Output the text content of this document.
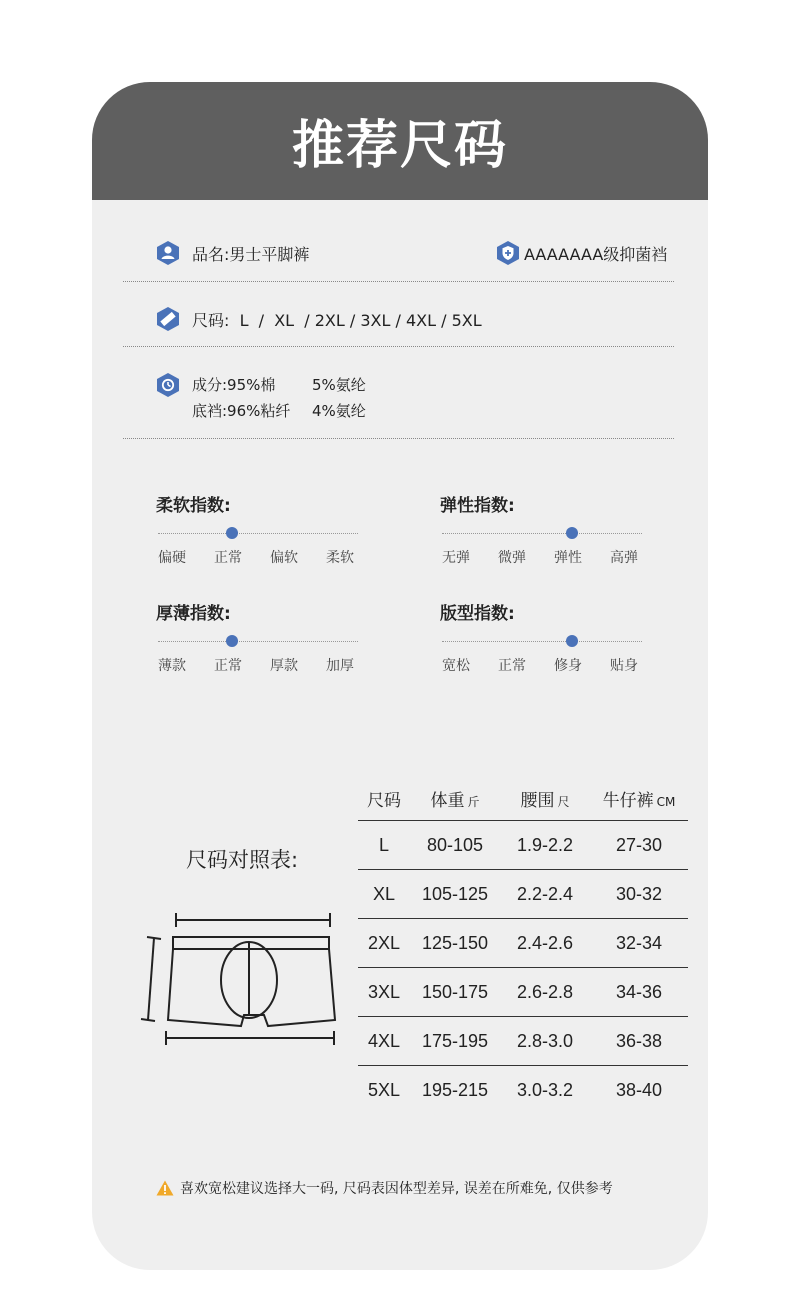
推荐尺码
品名:男士平脚裤	AAAAAAA级抑菌裆
尺码:  L  /  XL  / 2XL / 3XL / 4XL / 5XL
成分:95%棉 5%氨纶
底裆:96%粘纤 4%氨纶
柔软指数:
偏硬 正常 偏软 柔软
弹性指数:
无弹 微弹 弹性 高弹
厚薄指数:
薄款 正常 厚款 加厚
版型指数:
宽松 正常 修身 贴身
尺码对照表:
尺码	体重 斤	腰围 尺	牛仔裤 CM
L	80-105	1.9-2.2	27-30
XL	105-125	2.2-2.4	30-32
2XL	125-150	2.4-2.6	32-34
3XL	150-175	2.6-2.8	34-36
4XL	175-195	2.8-3.0	36-38
5XL	195-215	3.0-3.2	38-40
喜欢宽松建议选择大一码, 尺码表因体型差异, 误差在所难免, 仅供参考
